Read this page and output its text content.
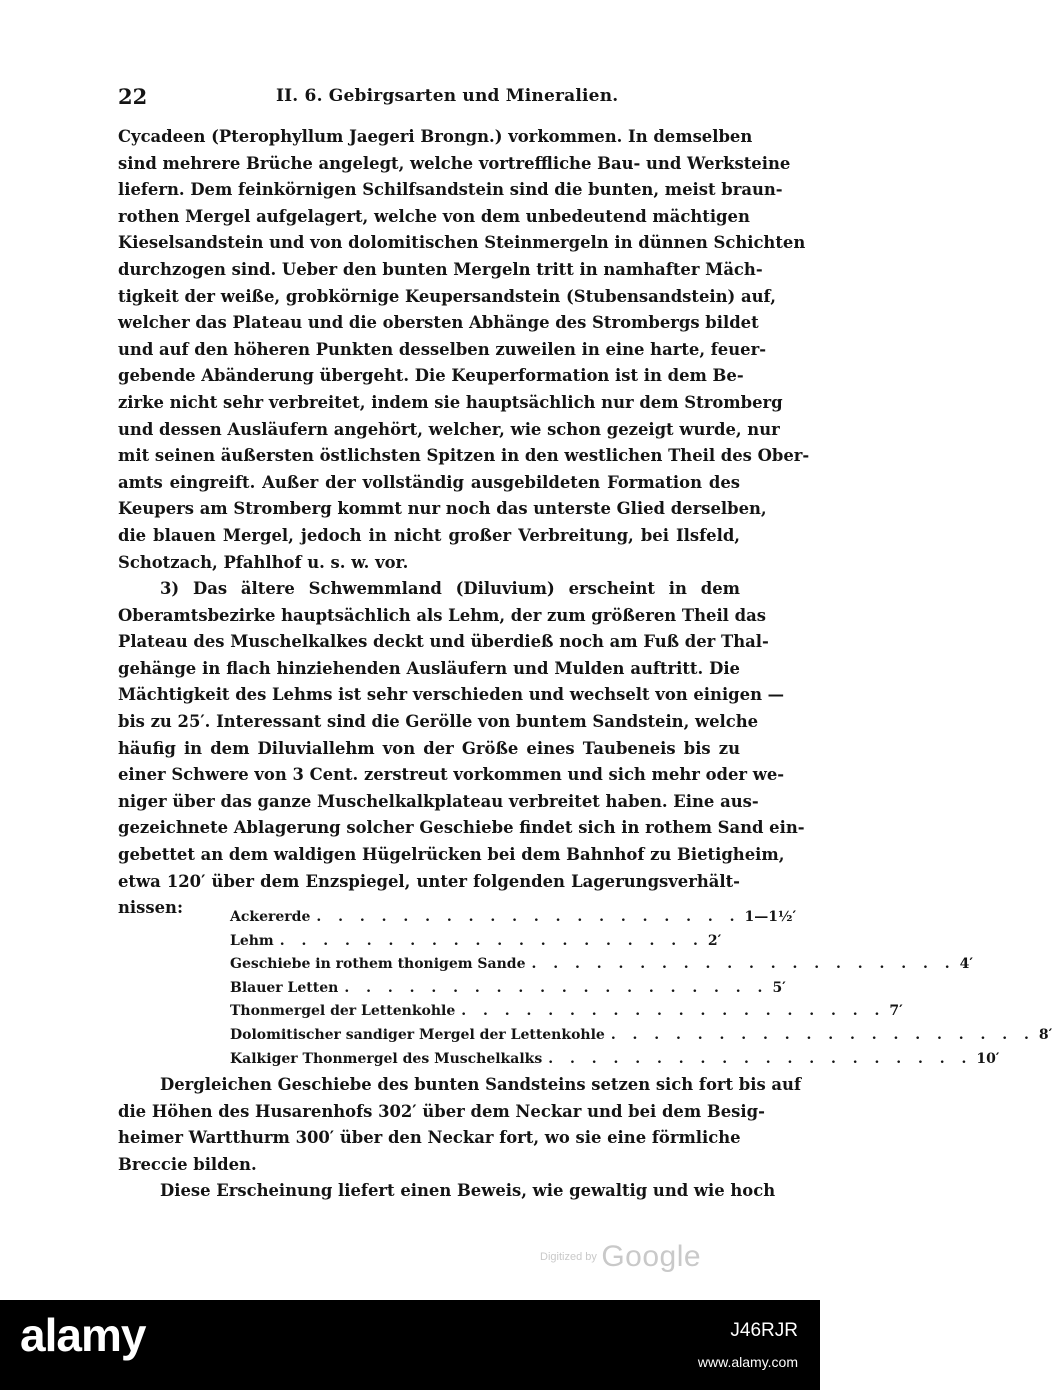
22	II. 6. Gebirgsarten und Mineralien.
Cycadeen (Pterophyllum Jaegeri Brongn.) vorkommen. In demselben
sind mehrere Brüche angelegt, welche vortreffliche Bau- und Werksteine
liefern. Dem feinkörnigen Schilfsandstein sind die bunten, meist braun-
rothen Mergel aufgelagert, welche von dem unbedeutend mächtigen
Kieselsandstein und von dolomitischen Steinmergeln in dünnen Schichten
durchzogen sind. Ueber den bunten Mergeln tritt in namhafter Mäch-
tigkeit der weiße, grobkörnige Keupersandstein (Stubensandstein) auf,
welcher das Plateau und die obersten Abhänge des Strombergs bildet
und auf den höheren Punkten desselben zuweilen in eine harte, feuer-
gebende Abänderung übergeht. Die Keuperformation ist in dem Be-
zirke nicht sehr verbreitet, indem sie hauptsächlich nur dem Stromberg
und dessen Ausläufern angehört, welcher, wie schon gezeigt wurde, nur
mit seinen äußersten östlichsten Spitzen in den westlichen Theil des Ober-
amts eingreift. Außer der vollständig ausgebildeten Formation des
Keupers am Stromberg kommt nur noch das unterste Glied derselben,
die blauen Mergel, jedoch in nicht großer Verbreitung, bei Ilsfeld,
Schotzach, Pfahlhof u. s. w. vor.
3) Das ältere Schwemmland (Diluvium) erscheint in dem
Oberamtsbezirke hauptsächlich als Lehm, der zum größeren Theil das
Plateau des Muschelkalkes deckt und überdieß noch am Fuß der Thal-
gehänge in flach hinziehenden Ausläufern und Mulden auftritt. Die
Mächtigkeit des Lehms ist sehr verschieden und wechselt von einigen —
bis zu 25′. Interessant sind die Gerölle von buntem Sandstein, welche
häufig in dem Diluviallehm von der Größe eines Taubeneis bis zu
einer Schwere von 3 Cent. zerstreut vorkommen und sich mehr oder we-
niger über das ganze Muschelkalkplateau verbreitet haben. Eine aus-
gezeichnete Ablagerung solcher Geschiebe findet sich in rothem Sand ein-
gebettet an dem waldigen Hügelrücken bei dem Bahnhof zu Bietigheim,
etwa 120′ über dem Enzspiegel, unter folgenden Lagerungsverhält-
nissen:	Ackererde . . . . . . . . . . . . . . . . . . . . 1—1½′
Lehm . . . . . . . . . . . . . . . . . . . . 2′
Geschiebe in rothem thonigem Sande . . . . . . . . . . . . . . . . . . . . 4′
Blauer Letten . . . . . . . . . . . . . . . . . . . . 5′
Thonmergel der Lettenkohle . . . . . . . . . . . . . . . . . . . . 7′
Dolomitischer sandiger Mergel der Lettenkohle . . . . . . . . . . . . . . . . . . . . 8′
Kalkiger Thonmergel des Muschelkalks . . . . . . . . . . . . . . . . . . . . 10′
Dergleichen Geschiebe des bunten Sandsteins setzen sich fort bis auf
die Höhen des Husarenhofs 302′ über dem Neckar und bei dem Besig-
heimer Wartthurm 300′ über den Neckar fort, wo sie eine förmliche
Breccie bilden.
Diese Erscheinung liefert einen Beweis, wie gewaltig und wie hoch
Digitized by Google
alamy	J46RJR
www.alamy.com
